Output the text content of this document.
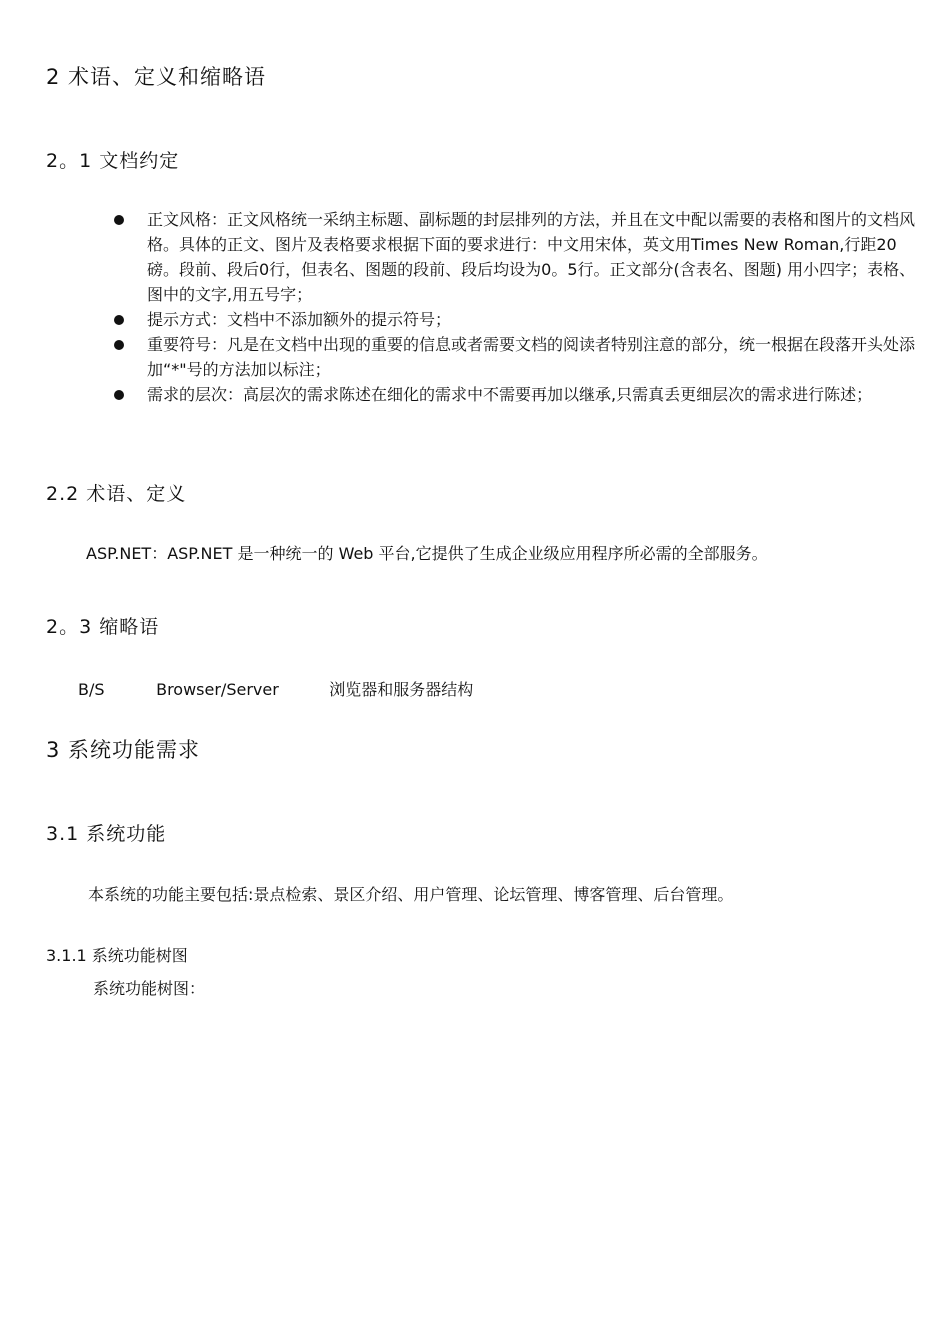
2 术语、定义和缩略语
2。1 文档约定
正文风格：正文风格统一采纳主标题、副标题的封层排列的方法，并且在文中配以需要的表格和图片的文档风格。具体的正文、图片及表格要求根据下面的要求进行：中文用宋体，英文用Times New Roman,行距20磅。段前、段后0行，但表名、图题的段前、段后均设为0。5行。正文部分(含表名、图题) 用小四字；表格、图中的文字,用五号字；
提示方式：文档中不添加额外的提示符号；
重要符号：凡是在文档中出现的重要的信息或者需要文档的阅读者特别注意的部分，统一根据在段落开头处添加“*"号的方法加以标注；
需求的层次：高层次的需求陈述在细化的需求中不需要再加以继承,只需真丢更细层次的需求进行陈述；
2.2 术语、定义
ASP.NET：ASP.NET 是一种统一的 Web 平台,它提供了生成企业级应用程序所必需的全部服务。
2。3 缩略语
B/S	Browser/Server	浏览器和服务器结构
3 系统功能需求
3.1 系统功能
本系统的功能主要包括:景点检索、景区介绍、用户管理、论坛管理、博客管理、后台管理。
3.1.1 系统功能树图
系统功能树图：
